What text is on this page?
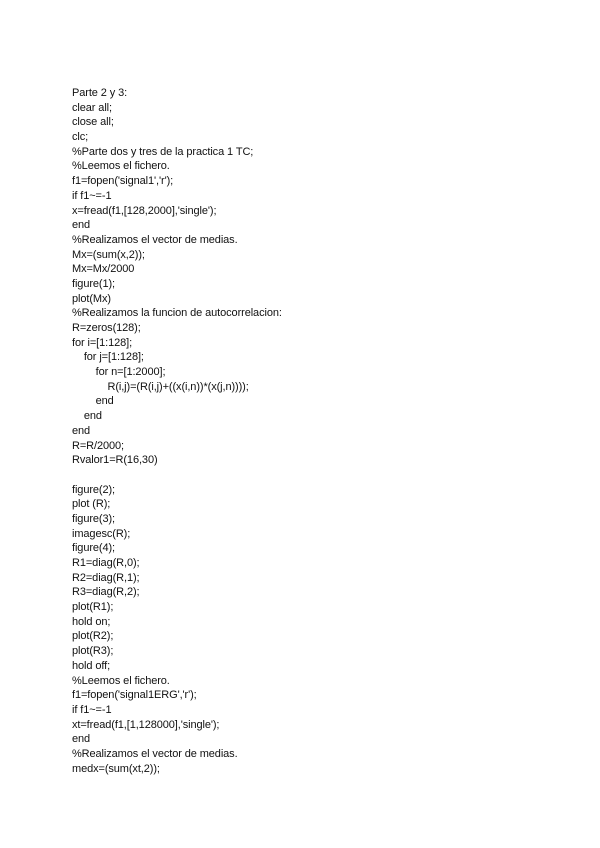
Parte 2 y 3:
clear all;
close all;
clc;
%Parte dos y tres de la practica 1 TC;
%Leemos el fichero.
f1=fopen('signal1','r');
if f1~=-1
x=fread(f1,[128,2000],'single');
end
%Realizamos el vector de medias.
Mx=(sum(x,2));
Mx=Mx/2000
figure(1);
plot(Mx)
%Realizamos la funcion de autocorrelacion:
R=zeros(128);
for i=[1:128];
for j=[1:128];
for n=[1:2000];
R(i,j)=(R(i,j)+((x(i,n))*(x(j,n))));
end
end
end
R=R/2000;
Rvalor1=R(16,30)
figure(2);
plot (R);
figure(3);
imagesc(R);
figure(4);
R1=diag(R,0);
R2=diag(R,1);
R3=diag(R,2);
plot(R1);
hold on;
plot(R2);
plot(R3);
hold off;
%Leemos el fichero.
f1=fopen('signal1ERG','r');
if f1~=-1
xt=fread(f1,[1,128000],'single');
end
%Realizamos el vector de medias.
medx=(sum(xt,2));
